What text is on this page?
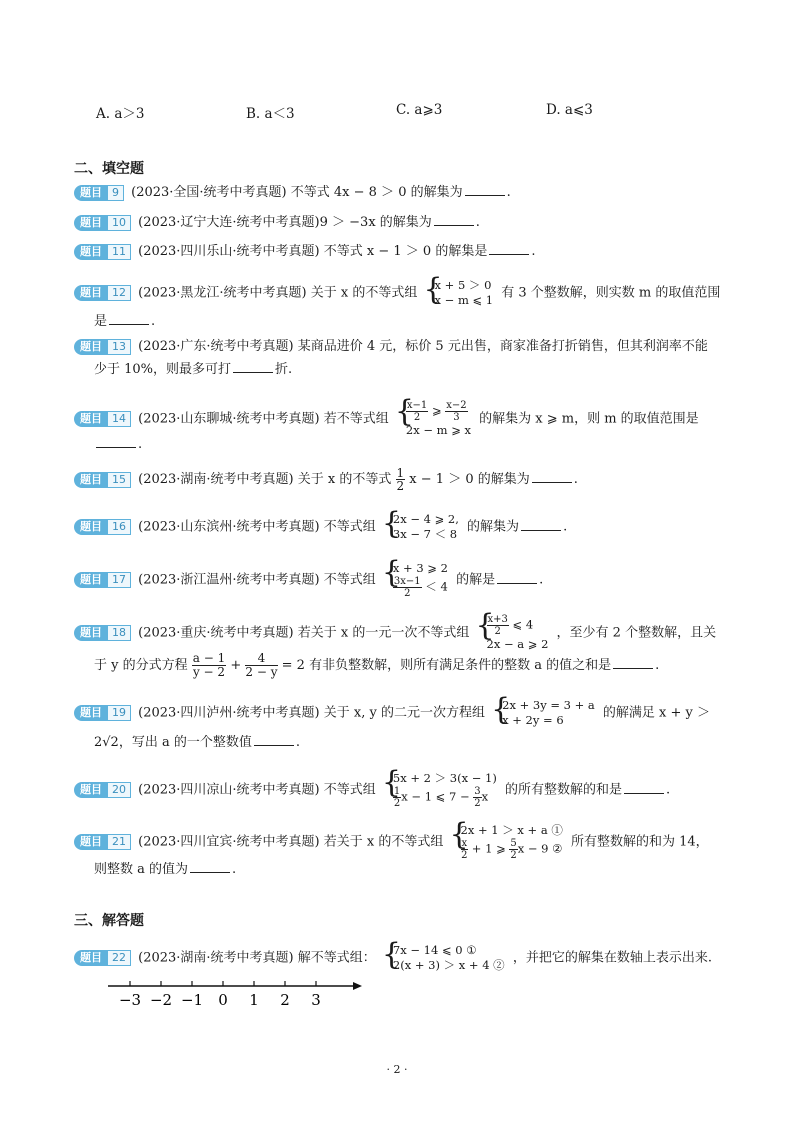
A. a＞3	B. a＜3	C. a⩾3	D. a⩽3
二、填空题
题目 9 (2023·全国·统考中考真题) 不等式 4x − 8 ＞ 0 的解集为	.
题目 10 (2023·辽宁大连·统考中考真题)9 ＞ −3x 的解集为	.
题目 11 (2023·四川乐山·统考中考真题) 不等式 x − 1 ＞ 0 的解集是	.
题目 12 (2023·黑龙江·统考中考真题) 关于 x 的不等式组
{ x + 5 ＞ 0
x − m ⩽ 1 有 3 个整数解，则实数 m 的取值范围
是	.
题目 13 (2023·广东·统考中考真题) 某商品进价 4 元，标价 5 元出售，商家准备打折销售，但其利润率不能
少于 10%，则最多可打	折.
题目 14 (2023·山东聊城·统考中考真题) 若不等式组 { $\frac{x-1}{2}$ ⩾ $\frac{x-2}{3}$
2x − m ⩾ x
的解集为 x ⩾ m，则 m 的取值范围是
.
题目 15 (2023·湖南·统考中考真题) 关于 x 的不等式 $\frac{1}{2}$ x − 1 ＞ 0 的解集为	.
题目 16 (2023·山东滨州·统考中考真题) 不等式组
{ 2x − 4 ⩾ 2,
3x − 7 ＜ 8 的解集为	.
题目 17 (2023·浙江温州·统考中考真题) 不等式组
{ x + 3 ⩾ 2
$\frac{3x-1}{2} < 4$ 的解是	.
题目 18 (2023·重庆·统考中考真题) 若关于 x 的一元一次不等式组 { $\frac{x+3}{2}$ ⩽ 4
2x − a ⩾ 2
，至少有 2 个整数解，且关
于 y 的分式方程 $\frac{a - 1}{y - 2} + \frac{4}{2 - y} = 2$ 有非负整数解，则所有满足条件的整数 a 的值之和是	.
题目 19 (2023·四川泸州·统考中考真题) 关于 x, y 的二元一次方程组
{ 2x + 3y = 3 + a
x + 2y = 6	的解满足 x + y ＞
2√2，写出 a 的一个整数值	.
题目 20 (2023·四川凉山·统考中考真题) 不等式组
{ 5x + 2 ＞ 3(x − 1)
$\frac{1}{2}$ x − 1 ⩽ $7 - \frac{3}{2}$ x	的所有整数解的和是	.
题目 21 (2023·四川宜宾·统考中考真题) 若关于 x 的不等式组
{ 2x + 1 ＞ x + a ①
$\frac{x}{2} + 1$ ⩾ $\frac{5}{2}$ x − 9 ② 所有整数解的和为 14，
则整数 a 的值为	.
三、解答题
题目 22 (2023·湖南·统考中考真题) 解不等式组：
{ 7x − 14 ⩽ 0 ①
2(x + 3) ＞ x + 4 ② ，并把它的解集在数轴上表示出来.
−3 −2 −1 0 1 2 3
· 2 ·
